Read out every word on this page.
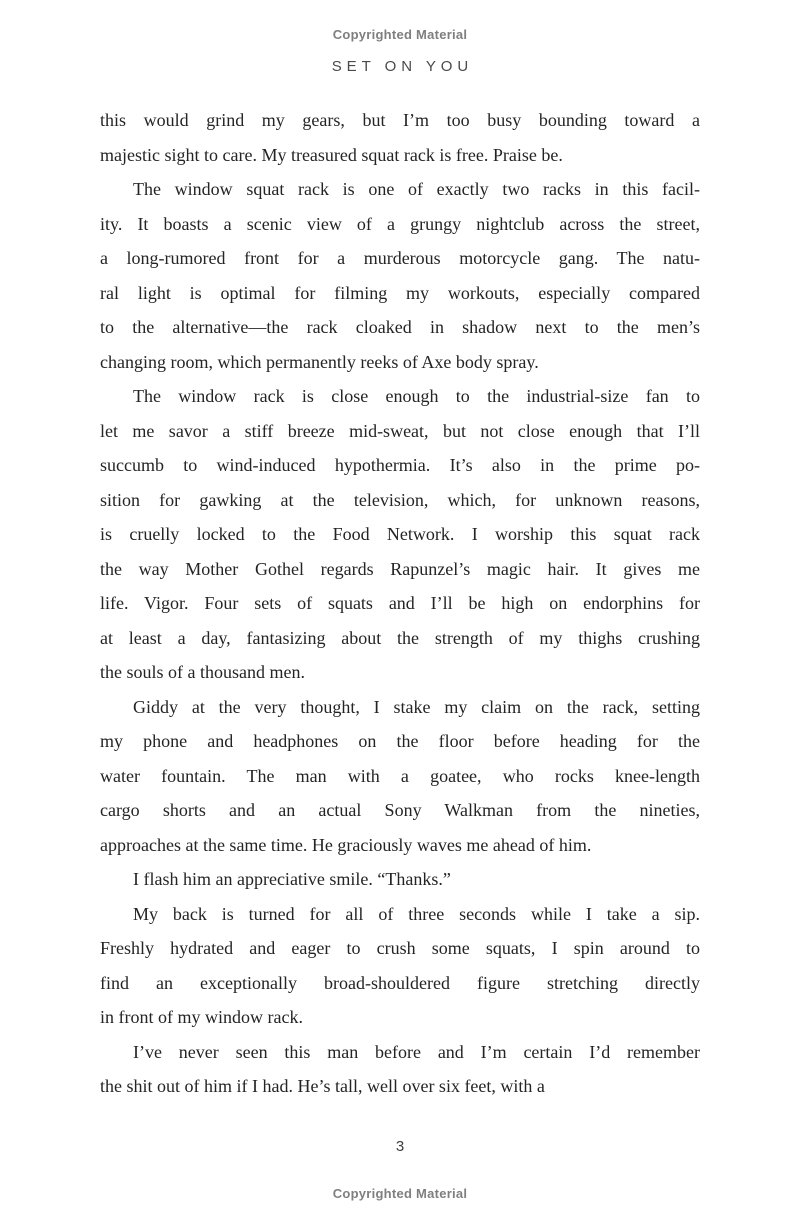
Copyrighted Material
SET ON YOU
this would grind my gears, but I’m too busy bounding toward a
majestic sight to care. My treasured squat rack is free. Praise be.
The window squat rack is one of exactly two racks in this facil-
ity. It boasts a scenic view of a grungy nightclub across the street,
a long-rumored front for a murderous motorcycle gang. The natu-
ral light is optimal for filming my workouts, especially compared
to the alternative—the rack cloaked in shadow next to the men’s
changing room, which permanently reeks of Axe body spray.
The window rack is close enough to the industrial-size fan to
let me savor a stiff breeze mid-sweat, but not close enough that I’ll
succumb to wind-induced hypothermia. It’s also in the prime po-
sition for gawking at the television, which, for unknown reasons,
is cruelly locked to the Food Network. I worship this squat rack
the way Mother Gothel regards Rapunzel’s magic hair. It gives me
life. Vigor. Four sets of squats and I’ll be high on endorphins for
at least a day, fantasizing about the strength of my thighs crushing
the souls of a thousand men.
Giddy at the very thought, I stake my claim on the rack, setting
my phone and headphones on the floor before heading for the
water fountain. The man with a goatee, who rocks knee-length
cargo shorts and an actual Sony Walkman from the nineties,
approaches at the same time. He graciously waves me ahead of him.
I flash him an appreciative smile. “Thanks.”
My back is turned for all of three seconds while I take a sip.
Freshly hydrated and eager to crush some squats, I spin around to
find an exceptionally broad-shouldered figure stretching directly
in front of my window rack.
I’ve never seen this man before and I’m certain I’d remember
the shit out of him if I had. He’s tall, well over six feet, with a
3
Copyrighted Material
